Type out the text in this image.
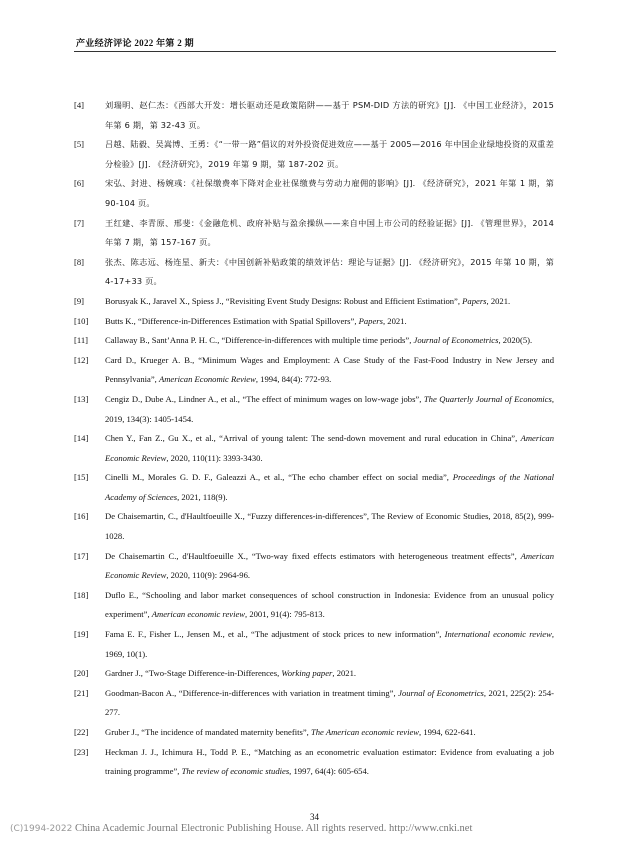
产业经济评论 2022 年第 2 期
[4]	刘瑞明、赵仁杰：《西部大开发：增长驱动还是政策陷阱——基于 PSM-DID 方法的研究》[J]. 《中国工业经济》，2015 年第 6 期，第 32-43 页。
[5]	吕越、陆毅、吴嵩博、王勇：《“一带一路”倡议的对外投资促进效应——基于 2005—2016 年中国企业绿地投资的双重差分检验》[J]. 《经济研究》，2019 年第 9 期，第 187-202 页。
[6]	宋弘、封进、杨婉彧：《社保缴费率下降对企业社保缴费与劳动力雇佣的影响》[J]. 《经济研究》，2021 年第 1 期，第 90-104 页。
[7]	王红建、李青原、邢斐：《金融危机、政府补贴与盈余操纵——来自中国上市公司的经验证据》[J]. 《管理世界》，2014 年第 7 期，第 157-167 页。
[8]	张杰、陈志远、杨连星、新夫：《中国创新补贴政策的绩效评估：理论与证据》[J]. 《经济研究》，2015 年第 10 期，第 4-17+33 页。
[9]	Borusyak K., Jaravel X., Spiess J., “Revisiting Event Study Designs: Robust and Efficient Estimation”, Papers, 2021.
[10]	Butts K., “Difference-in-Differences Estimation with Spatial Spillovers”, Papers, 2021.
[11]	Callaway B., Sant’Anna P. H. C., “Difference-in-differences with multiple time periods”, Journal of Econometrics, 2020(5).
[12]	Card D., Krueger A. B., “Minimum Wages and Employment: A Case Study of the Fast-Food Industry in New Jersey and Pennsylvania”, American Economic Review, 1994, 84(4): 772-93.
[13]	Cengiz D., Dube A., Lindner A., et al., “The effect of minimum wages on low-wage jobs”, The Quarterly Journal of Economics, 2019, 134(3): 1405-1454.
[14]	Chen Y., Fan Z., Gu X., et al., “Arrival of young talent: The send-down movement and rural education in China”, American Economic Review, 2020, 110(11): 3393-3430.
[15]	Cinelli M., Morales G. D. F., Galeazzi A., et al., “The echo chamber effect on social media”, Proceedings of the National Academy of Sciences, 2021, 118(9).
[16]	De Chaisemartin, C., d'Haultfoeuille X., “Fuzzy differences-in-differences”, The Review of Economic Studies, 2018, 85(2), 999-1028.
[17]	De Chaisemartin C., d'Haultfoeuille X., “Two-way fixed effects estimators with heterogeneous treatment effects”, American Economic Review, 2020, 110(9): 2964-96.
[18]	Duflo E., “Schooling and labor market consequences of school construction in Indonesia: Evidence from an unusual policy experiment”, American economic review, 2001, 91(4): 795-813.
[19]	Fama E. F., Fisher L., Jensen M., et al., “The adjustment of stock prices to new information”, International economic review, 1969, 10(1).
[20]	Gardner J., “Two-Stage Difference-in-Differences, Working paper, 2021.
[21]	Goodman-Bacon A., “Difference-in-differences with variation in treatment timing”, Journal of Econometrics, 2021, 225(2): 254-277.
[22]	Gruber J., “The incidence of mandated maternity benefits”, The American economic review, 1994, 622-641.
[23]	Heckman J. J., Ichimura H., Todd P. E., “Matching as an econometric evaluation estimator: Evidence from evaluating a job training programme”, The review of economic studies, 1997, 64(4): 605-654.
34
(C)1994-2022 China Academic Journal Electronic Publishing House. All rights reserved. http://www.cnki.net
